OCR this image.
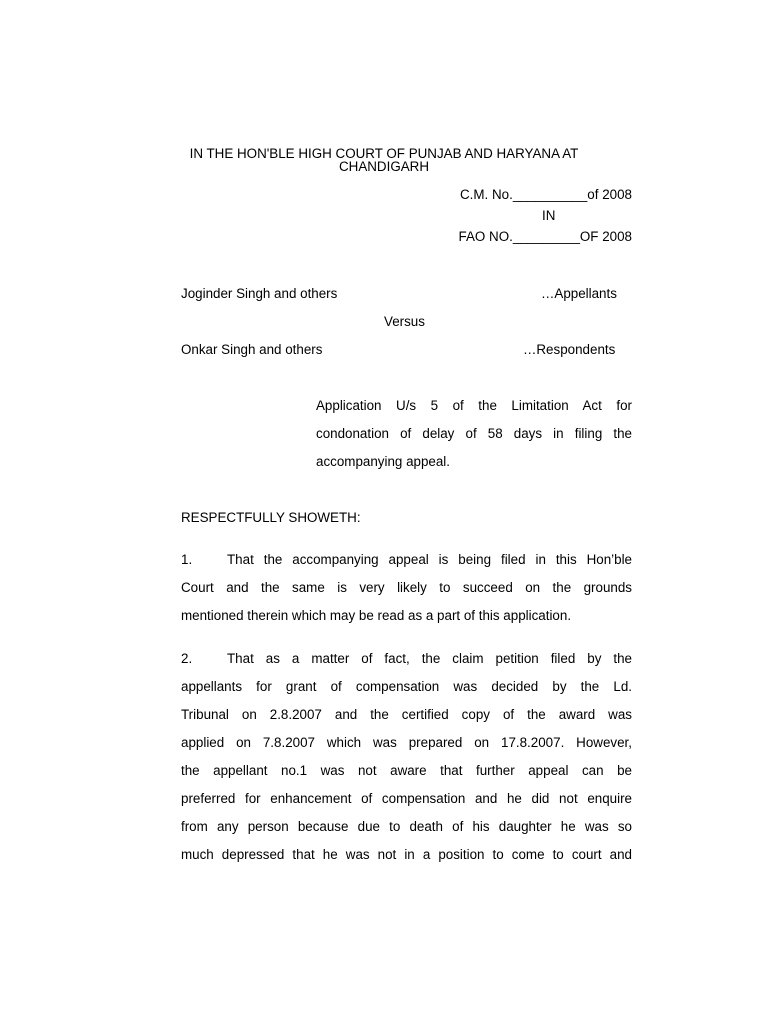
IN THE HON'BLE HIGH COURT OF PUNJAB AND HARYANA AT
CHANDIGARH
C.M. No.__________of 2008
IN
FAO NO._________OF 2008
Joginder Singh and others	…Appellants
Versus
Onkar Singh and others	…Respondents
Application U/s 5 of the Limitation Act for
condonation of delay of 58 days in filing the
accompanying appeal.
RESPECTFULLY SHOWETH:
1.	That the accompanying appeal is being filed in this Hon’ble
Court and the same is very likely to succeed on the grounds
mentioned therein which may be read as a part of this application.
2.	That as a matter of fact, the claim petition filed by the
appellants for grant of compensation was decided by the Ld.
Tribunal on 2.8.2007 and the certified copy of the award was
applied on 7.8.2007 which was prepared on 17.8.2007. However,
the appellant no.1 was not aware that further appeal can be
preferred for enhancement of compensation and he did not enquire
from any person because due to death of his daughter he was so
much depressed that he was not in a position to come to court and
